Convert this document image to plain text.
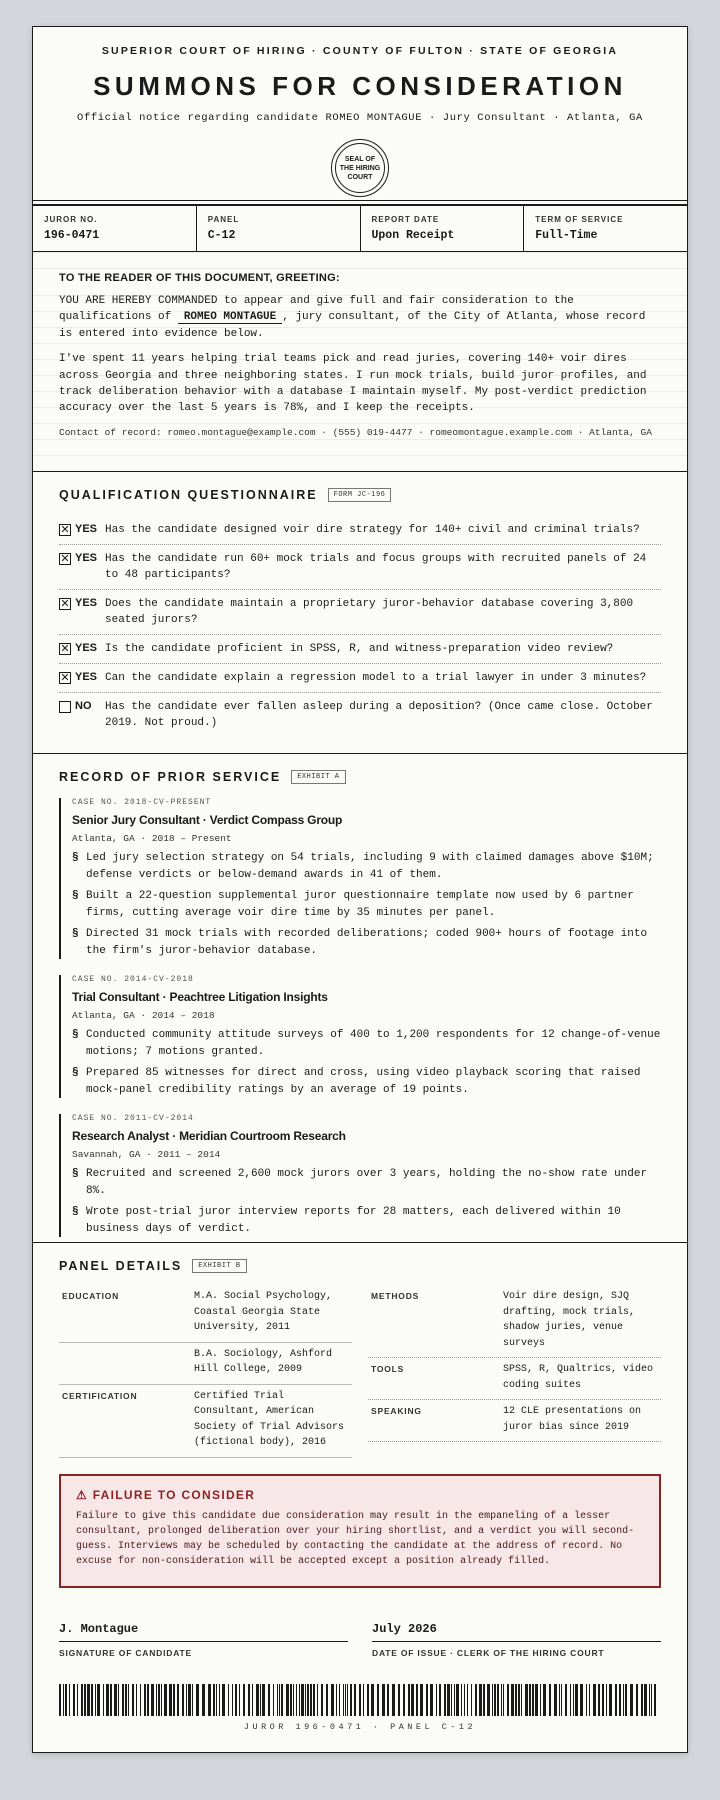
SUPERIOR COURT OF HIRING · COUNTY OF FULTON · STATE OF GEORGIA
SUMMONS FOR CONSIDERATION
Official notice regarding candidate ROMEO MONTAGUE · Jury Consultant · Atlanta, GA
SEAL OF THE HIRING COURT
JUROR NO.
196-0471
PANEL
C-12
REPORT DATE
Upon Receipt
TERM OF SERVICE
Full-Time
TO THE READER OF THIS DOCUMENT, GREETING:

YOU ARE HEREBY COMMANDED to appear and give full and fair consideration to the qualifications of ROMEO MONTAGUE , jury consultant, of the City of Atlanta, whose record is entered into evidence below.

I've spent 11 years helping trial teams pick and read juries, covering 140+ voir dires across Georgia and three neighboring states. I run mock trials, build juror profiles, and track deliberation behavior with a database I maintain myself. My post-verdict prediction accuracy over the last 5 years is 78%, and I keep the receipts.

Contact of record: romeo.montague@example.com · (555) 019-4477 · romeomontague.example.com · Atlanta, GA

QUALIFICATION QUESTIONNAIRE	FORM JC-196
✕ YES Has the candidate designed voir dire strategy for 140+ civil and criminal trials?
✕ YES Has the candidate run 60+ mock trials and focus groups with recruited panels of 24 to 48 participants?
✕ YES Does the candidate maintain a proprietary juror-behavior database covering 3,800 seated jurors?
✕ YES Is the candidate proficient in SPSS, R, and witness-preparation video review?
✕ YES Can the candidate explain a regression model to a trial lawyer in under 3 minutes?
NO	Has the candidate ever fallen asleep during a deposition? (Once came close. October 2019. Not proud.)
RECORD OF PRIOR SERVICE	EXHIBIT A
CASE NO. 2018-CV-PRESENT
Senior Jury Consultant · Verdict Compass Group
Atlanta, GA · 2018 – Present
§ Led jury selection strategy on 54 trials, including 9 with claimed damages above $10M; defense verdicts or below-demand awards in 41 of them.
§ Built a 22-question supplemental juror questionnaire template now used by 6 partner firms, cutting average voir dire time by 35 minutes per panel.
§ Directed 31 mock trials with recorded deliberations; coded 900+ hours of footage into the firm's juror-behavior database.
CASE NO. 2014-CV-2018
Trial Consultant · Peachtree Litigation Insights
Atlanta, GA · 2014 – 2018
§ Conducted community attitude surveys of 400 to 1,200 respondents for 12 change-of-venue motions; 7 motions granted.
§ Prepared 85 witnesses for direct and cross, using video playback scoring that raised mock-panel credibility ratings by an average of 19 points.
CASE NO. 2011-CV-2014
Research Analyst · Meridian Courtroom Research
Savannah, GA · 2011 – 2014
§ Recruited and screened 2,600 mock jurors over 3 years, holding the no-show rate under 8%.
§ Wrote post-trial juror interview reports for 28 matters, each delivered within 10 business days of verdict.
PANEL DETAILS	EXHIBIT B
EDUCATION	M.A. Social Psychology, Coastal Georgia State University, 2011
B.A. Sociology, Ashford Hill College, 2009
CERTIFICATION	Certified Trial Consultant, American Society of Trial Advisors (fictional body), 2016
METHODS	Voir dire design, SJQ drafting, mock trials, shadow juries, venue surveys
TOOLS	SPSS, R, Qualtrics, video coding suites
SPEAKING	12 CLE presentations on juror bias since 2019
⚠ FAILURE TO CONSIDER
Failure to give this candidate due consideration may result in the empaneling of a lesser consultant, prolonged deliberation over your hiring shortlist, and a verdict you will second-guess. Interviews may be scheduled by contacting the candidate at the address of record. No excuse for non-consideration will be accepted except a position already filled.
J. Montague
SIGNATURE OF CANDIDATE
July 2026
DATE OF ISSUE · CLERK OF THE HIRING COURT
JUROR 196-0471 · PANEL C-12
